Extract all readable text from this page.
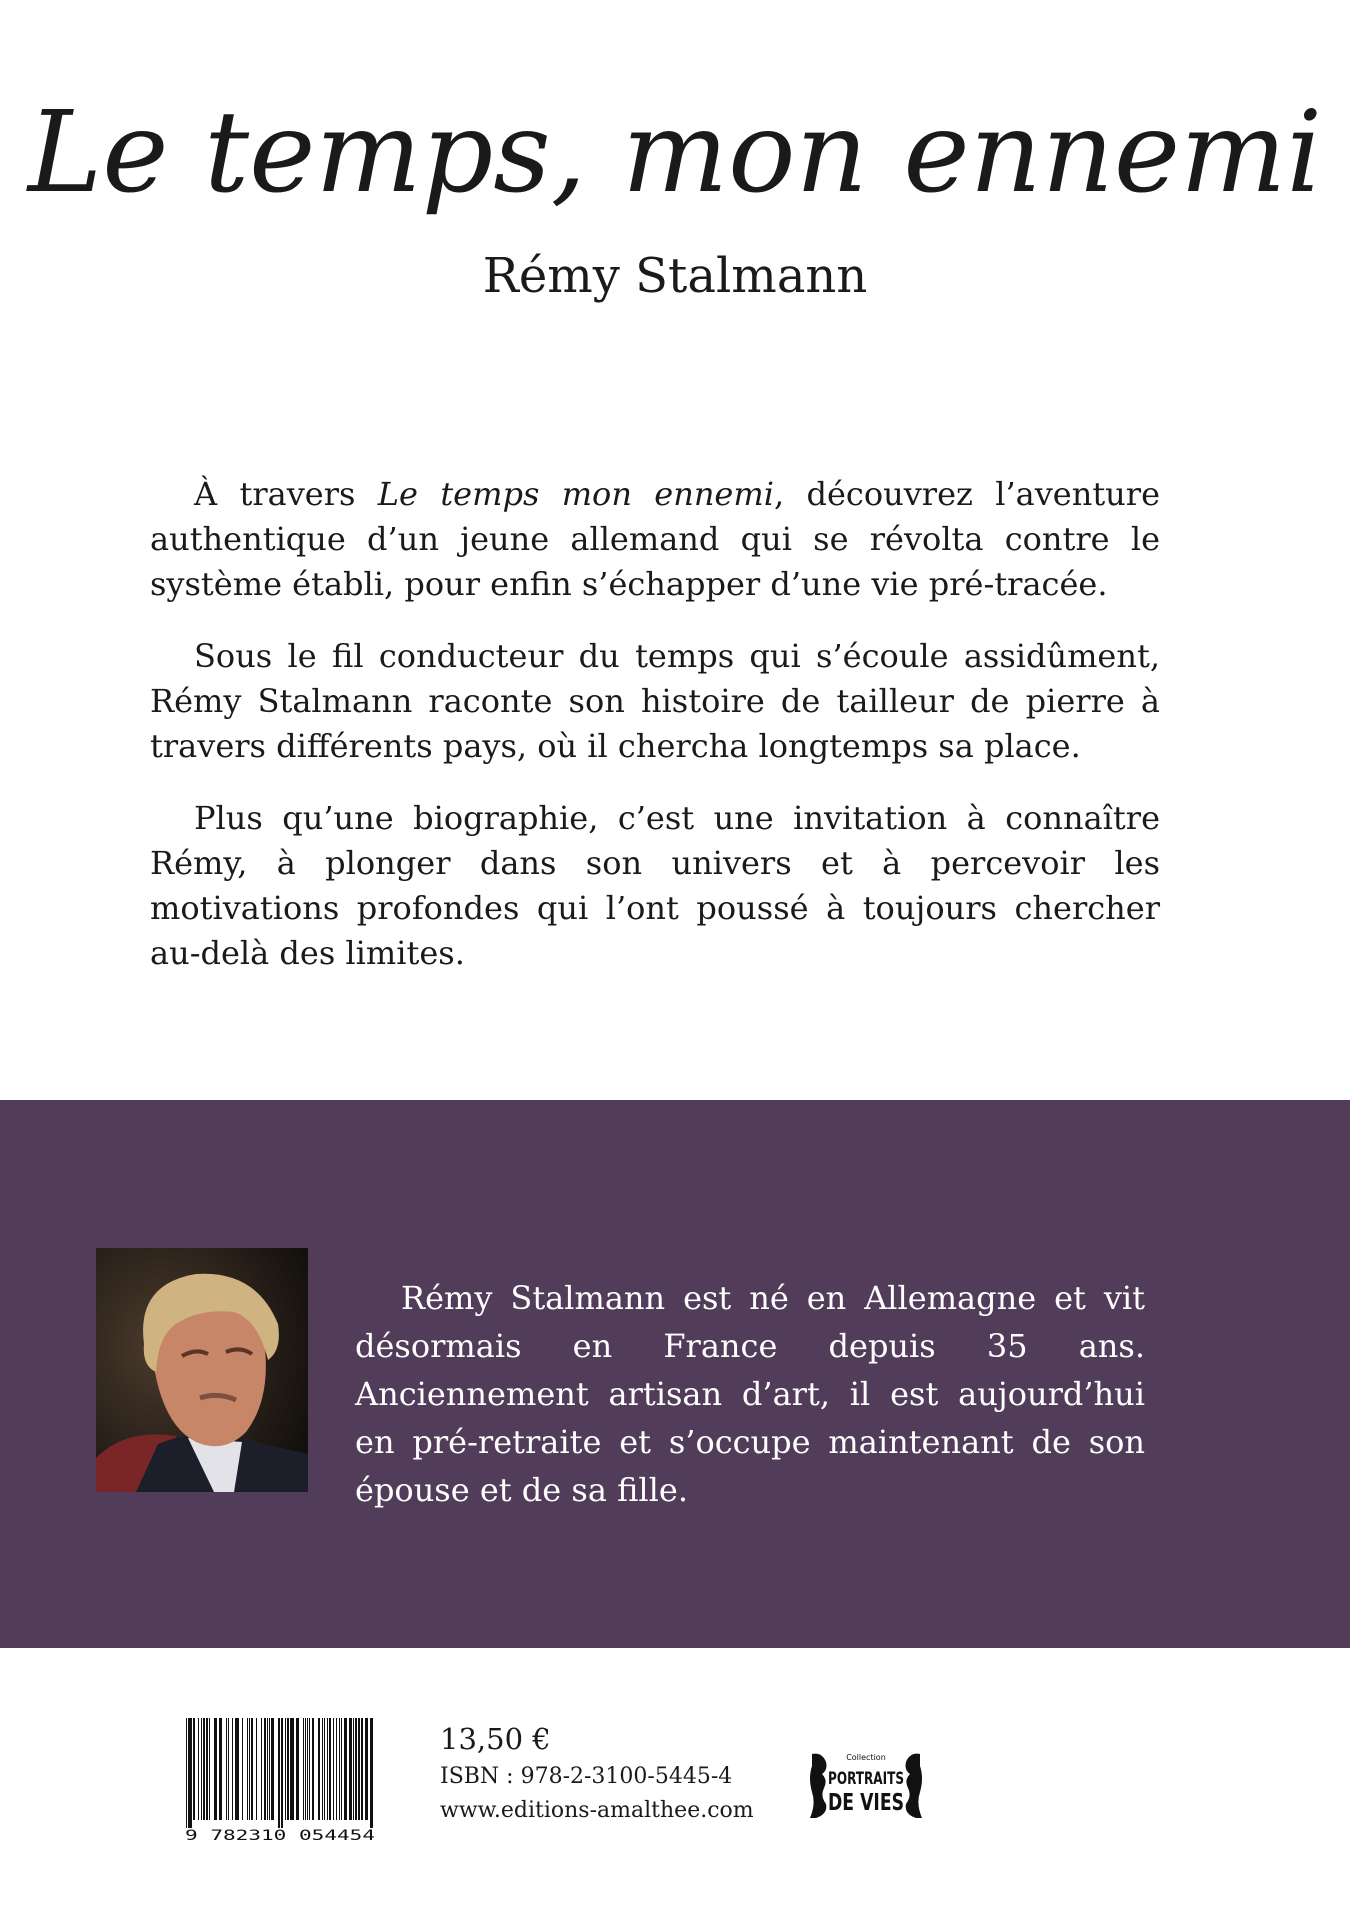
Le temps, mon ennemi

Rémy Stalmann

À travers Le temps mon ennemi, découvrez l’aventure authentique d’un jeune allemand qui se révolta contre le système établi, pour enfin s’échapper d’une vie pré-tracée.

Sous le fil conducteur du temps qui s’écoule assidûment, Rémy Stalmann raconte son histoire de tailleur de pierre à travers différents pays, où il chercha longtemps sa place.

Plus qu’une biographie, c’est une invitation à connaître Rémy, à plonger dans son univers et à percevoir les motivations profondes qui l’ont poussé à toujours chercher au-delà des limites.

Rémy Stalmann est né en Allemagne et vit désormais en France depuis 35 ans. Anciennement artisan d’art, il est aujourd’hui en pré-retraite et s’occupe maintenant de son épouse et de sa fille.

9 782310 054454

13,50 €

ISBN : 978-2-3100-5445-4

www.editions-amalthee.com

Collection
PORTRAITS
DE VIES
